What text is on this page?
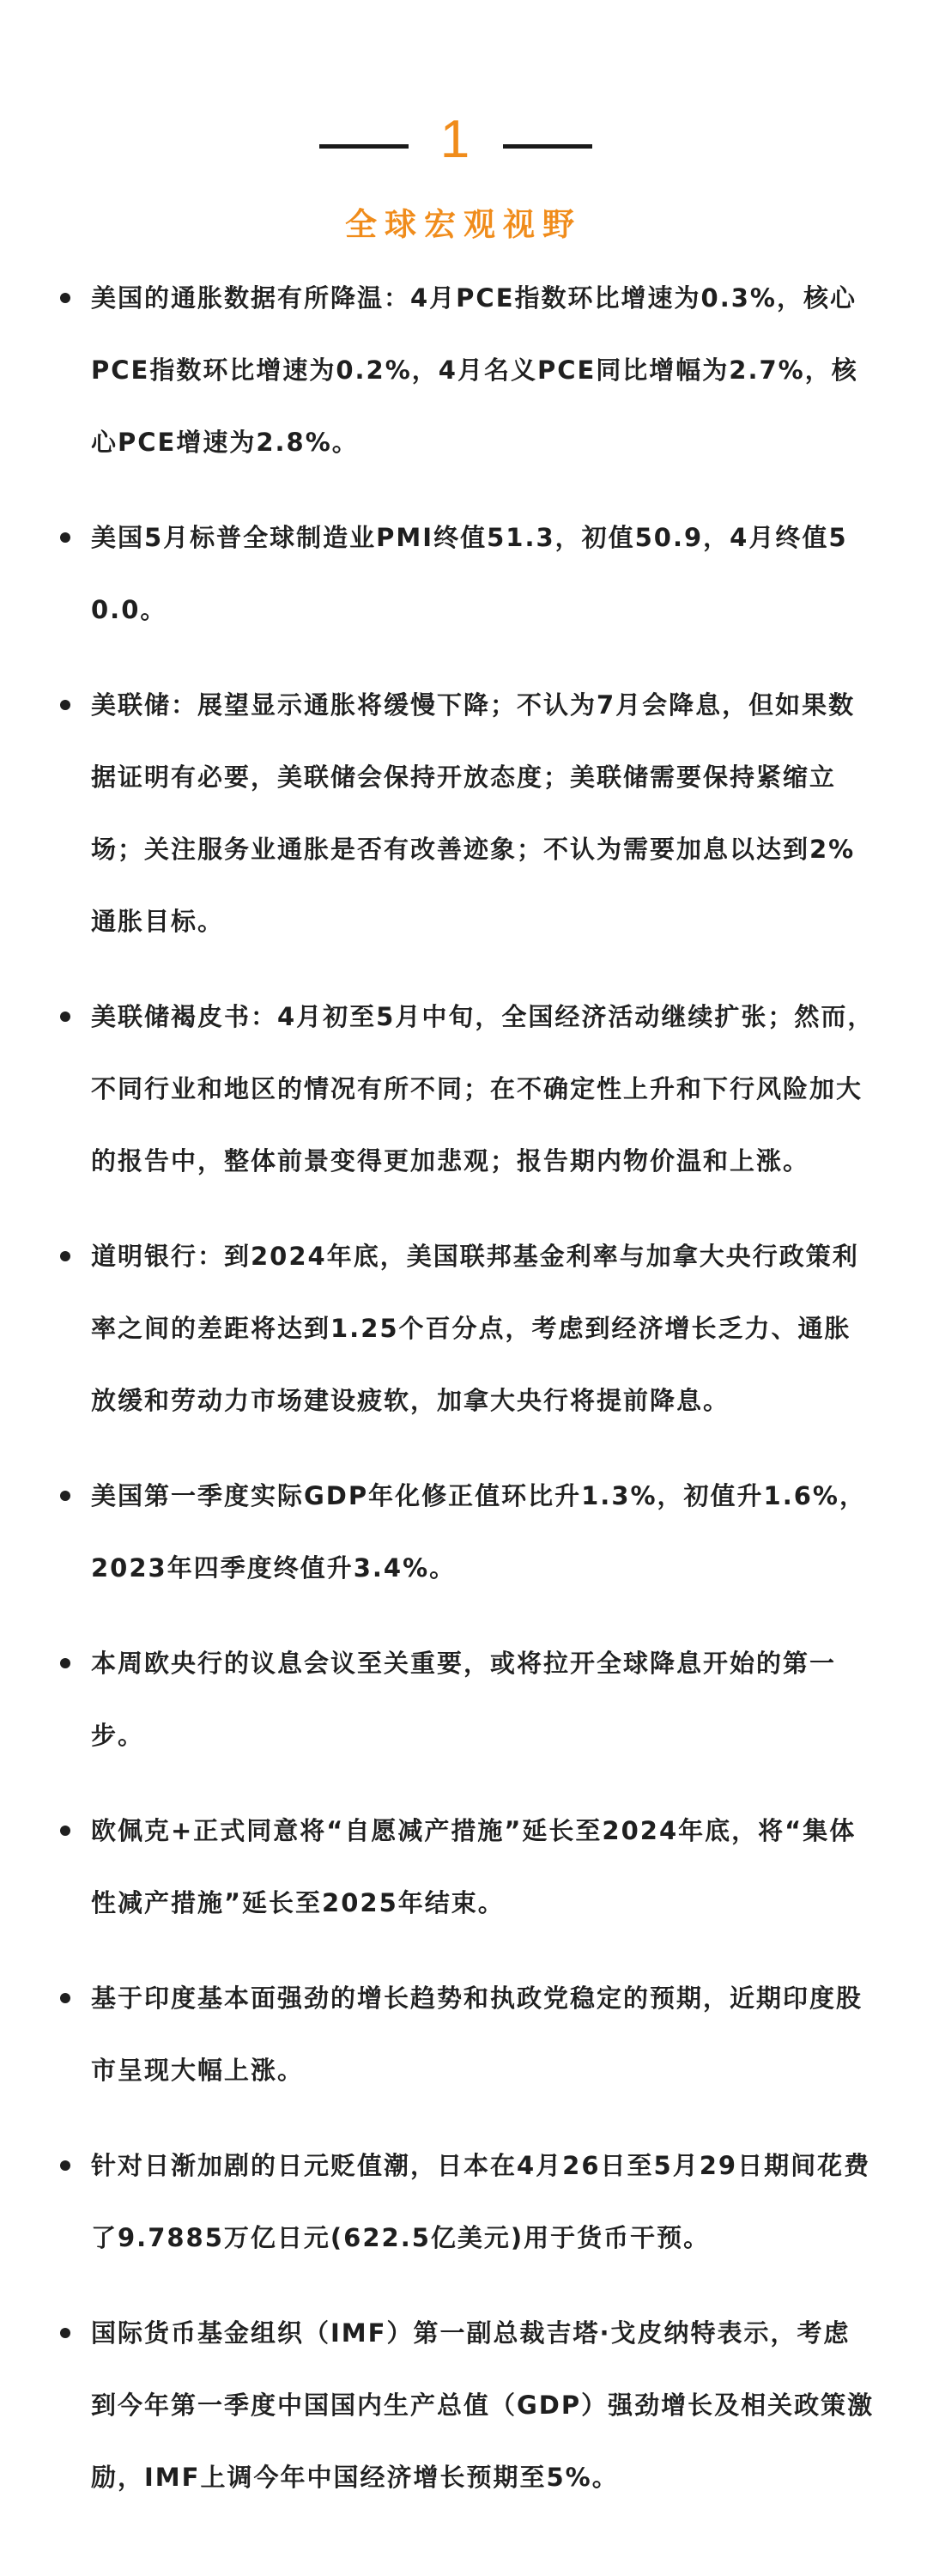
1
全球宏观视野
美国的通胀数据有所降温：4月PCE指数环比增速为0.3%，核心PCE指数环比增速为0.2%，4月名义PCE同比增幅为2.7%，核心PCE增速为2.8%。
美国5月标普全球制造业PMI终值51.3，初值50.9，4月终值50.0。
美联储：展望显示通胀将缓慢下降；不认为7月会降息，但如果数据证明有必要，美联储会保持开放态度；美联储需要保持紧缩立场；关注服务业通胀是否有改善迹象；不认为需要加息以达到2%通胀目标。
美联储褐皮书：4月初至5月中旬，全国经济活动继续扩张；然而，不同行业和地区的情况有所不同；在不确定性上升和下行风险加大的报告中，整体前景变得更加悲观；报告期内物价温和上涨。
道明银行：到2024年底，美国联邦基金利率与加拿大央行政策利率之间的差距将达到1.25个百分点，考虑到经济增长乏力、通胀放缓和劳动力市场建设疲软，加拿大央行将提前降息。
美国第一季度实际GDP年化修正值环比升1.3%，初值升1.6%，2023年四季度终值升3.4%。
本周欧央行的议息会议至关重要，或将拉开全球降息开始的第一步。
欧佩克+正式同意将“自愿减产措施”延长至2024年底，将“集体性减产措施”延长至2025年结束。
基于印度基本面强劲的增长趋势和执政党稳定的预期，近期印度股市呈现大幅上涨。
针对日渐加剧的日元贬值潮，日本在4月26日至5月29日期间花费了9.7885万亿日元(622.5亿美元)用于货币干预。
国际货币基金组织（IMF）第一副总裁吉塔·戈皮纳特表示，考虑到今年第一季度中国国内生产总值（GDP）强劲增长及相关政策激励，IMF上调今年中国经济增长预期至5%。
